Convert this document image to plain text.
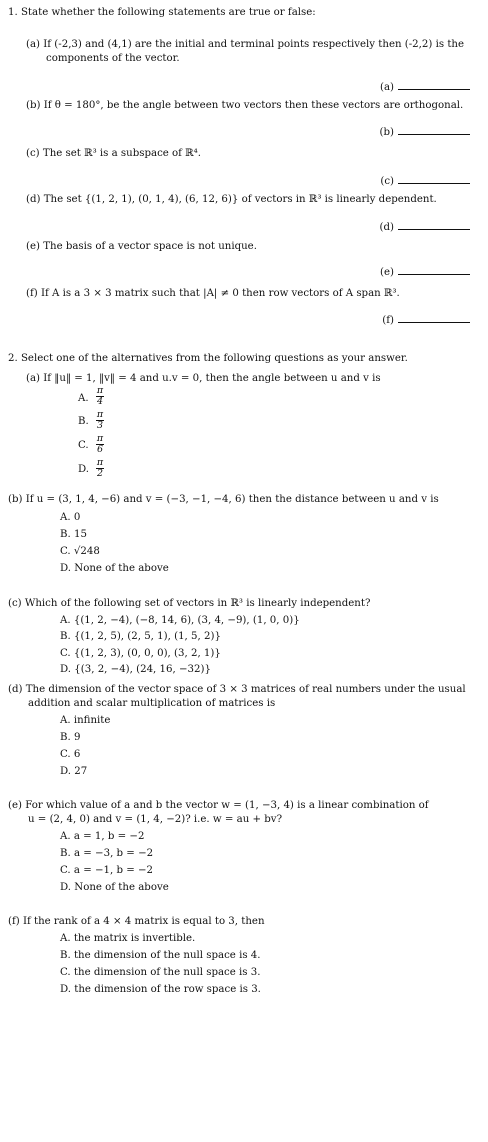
1. State whether the following statements are true or false:
(a) If (-2,3) and (4,1) are the initial and terminal points respectively then (-2,2) is the
components of the vector.
(a)
(b) If θ = 180°, be the angle between two vectors then these vectors are orthogonal.
(b)
(c) The set ℝ³ is a subspace of ℝ⁴.
(c)
(d) The set {(1, 2, 1), (0, 1, 4), (6, 12, 6)} of vectors in ℝ³ is linearly dependent.
(d)
(e) The basis of a vector space is not unique.
(e)
(f) If A is a 3 × 3 matrix such that |A| ≠ 0 then row vectors of A span ℝ³.
(f)
2. Select one of the alternatives from the following questions as your answer.
(a) If ‖u‖ = 1, ‖v‖ = 4 and u.v = 0, then the angle between u and v is
A.
π
4
B.
π
3
C.
π
6
D.
π
2
(b) If u = (3, 1, 4, −6) and v = (−3, −1, −4, 6) then the distance between u and v is
A. 0
B. 15
C. √248
D. None of the above
(c) Which of the following set of vectors in ℝ³ is linearly independent?
A. {(1, 2, −4), (−8, 14, 6), (3, 4, −9), (1, 0, 0)}
B. {(1, 2, 5), (2, 5, 1), (1, 5, 2)}
C. {(1, 2, 3), (0, 0, 0), (3, 2, 1)}
D. {(3, 2, −4), (24, 16, −32)}
(d) The dimension of the vector space of 3 × 3 matrices of real numbers under the usual
addition and scalar multiplication of matrices is
A. infinite
B. 9
C. 6
D. 27
(e) For which value of a and b the vector w = (1, −3, 4) is a linear combination of
u = (2, 4, 0) and v = (1, 4, −2)? i.e. w = au + bv?
A. a = 1, b = −2
B. a = −3, b = −2
C. a = −1, b = −2
D. None of the above
(f) If the rank of a 4 × 4 matrix is equal to 3, then
A. the matrix is invertible.
B. the dimension of the null space is 4.
C. the dimension of the null space is 3.
D. the dimension of the row space is 3.
